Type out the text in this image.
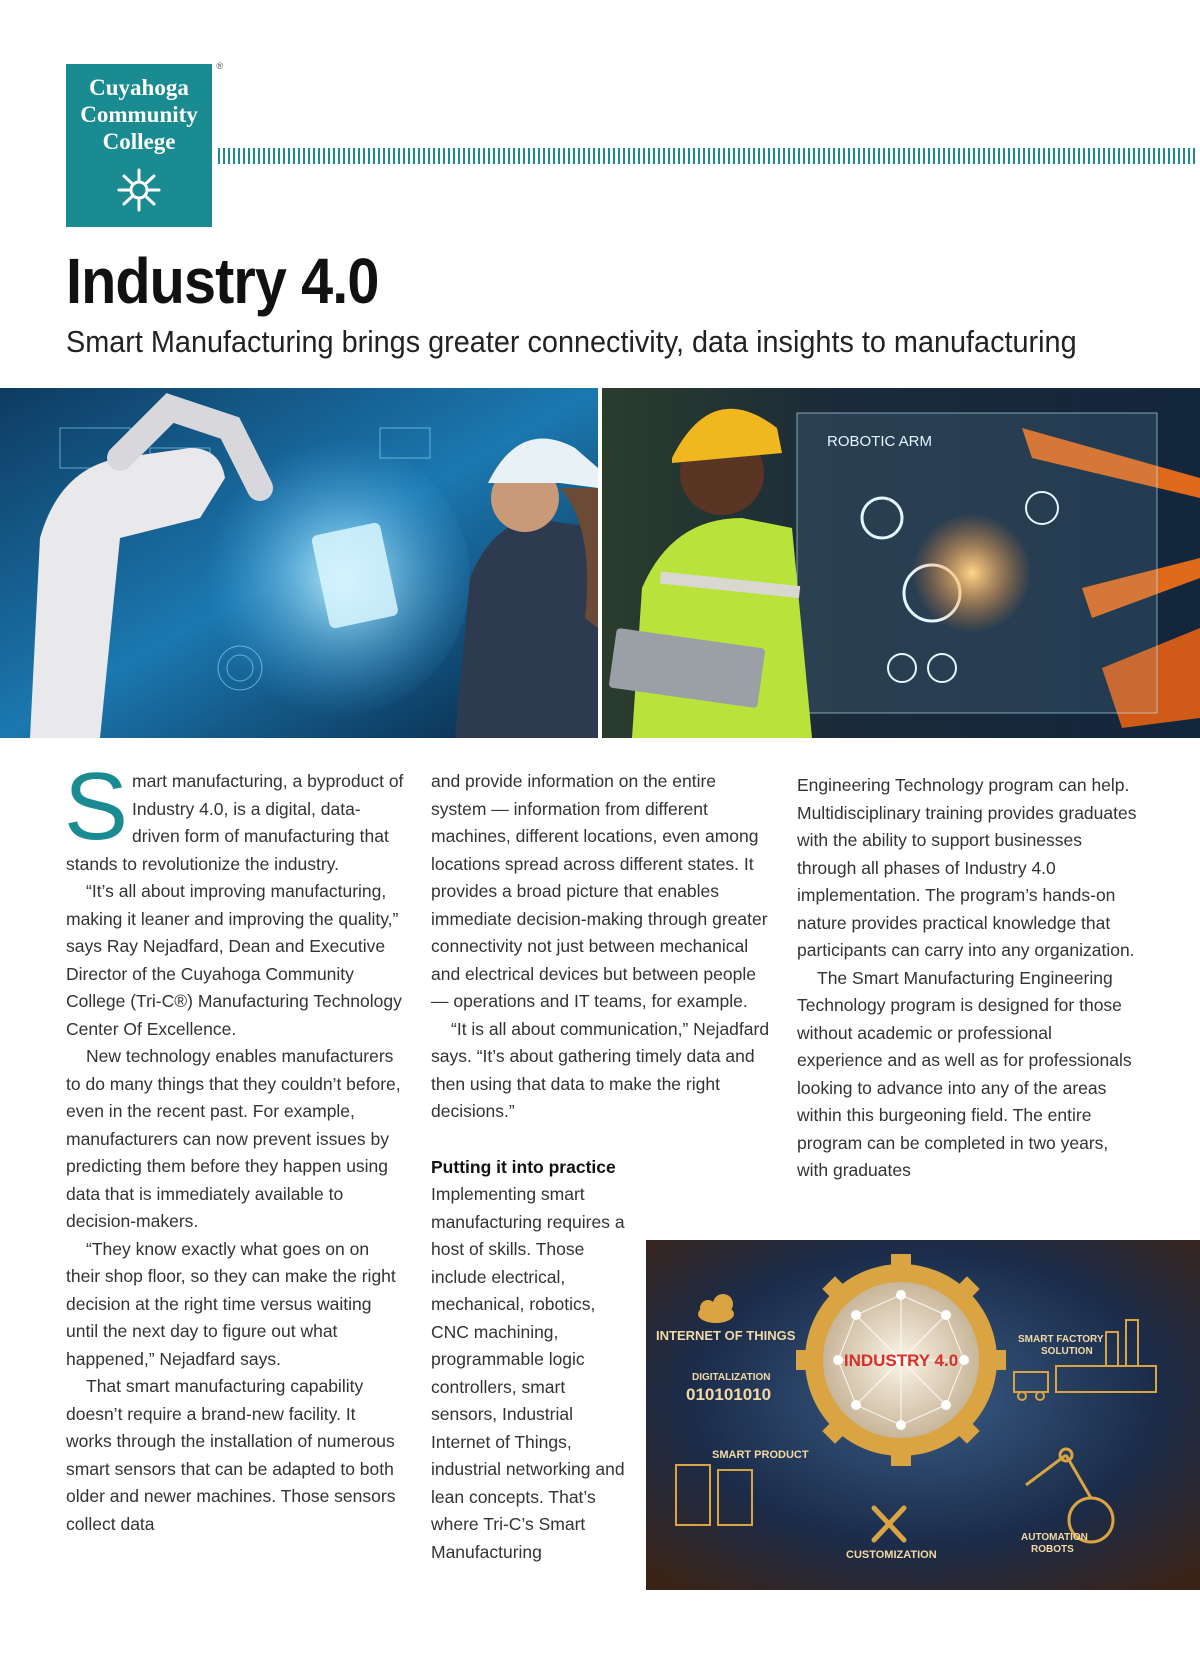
Cuyahoga
Community
College
®
Industry 4.0
Smart Manufacturing brings greater connectivity, data insights to manufacturing
ROBOTIC ARM

Smart manufacturing, a byproduct of Industry 4.0, is a digital, data-driven form of manufacturing that stands to revolutionize the industry.

“It’s all about improving manufacturing, making it leaner and improving the quality,” says Ray Nejadfard, Dean and Executive Director of the Cuyahoga Community College (Tri-C®) Manufacturing Technology Center Of Excellence.

New technology enables manufacturers to do many things that they couldn’t before, even in the recent past. For example, manufacturers can now prevent issues by predicting them before they happen using data that is immediately available to decision-makers.

“They know exactly what goes on on their shop floor, so they can make the right decision at the right time versus waiting until the next day to figure out what happened,” Nejadfard says.

That smart manufacturing capability doesn’t require a brand-new facility. It works through the installation of numerous smart sensors that can be adapted to both older and newer machines. Those sensors collect data

and provide information on the entire system — information from different machines, different locations, even among locations spread across different states. It provides a broad picture that enables immediate decision-making through greater connectivity not just between mechanical and electrical devices but between people — operations and IT teams, for example.

“It is all about communication,” Nejadfard says. “It’s about gathering timely data and then using that data to make the right decisions.”

Putting it into practice

Implementing smart manufacturing requires a host of skills. Those include electrical, mechanical, robotics, CNC machining, programmable logic controllers, smart sensors, Industrial Internet of Things, industrial networking and lean concepts. That’s where Tri-C’s Smart Manufacturing

Engineering Technology program can help. Multidisciplinary training provides graduates with the ability to support businesses through all phases of Industry 4.0 implementation. The program’s hands-on nature provides practical knowledge that participants can carry into any organization.

The Smart Manufacturing Engineering Technology program is designed for those without academic or professional experience and as well as for professionals looking to advance into any of the areas within this burgeoning field. The entire program can be completed in two years, with graduates

INDUSTRY 4.0
INTERNET OF THINGS
DIGITALIZATION
010101010
SMART PRODUCT
CUSTOMIZATION
SMART FACTORY
SOLUTION
AUTOMATION
ROBOTS
